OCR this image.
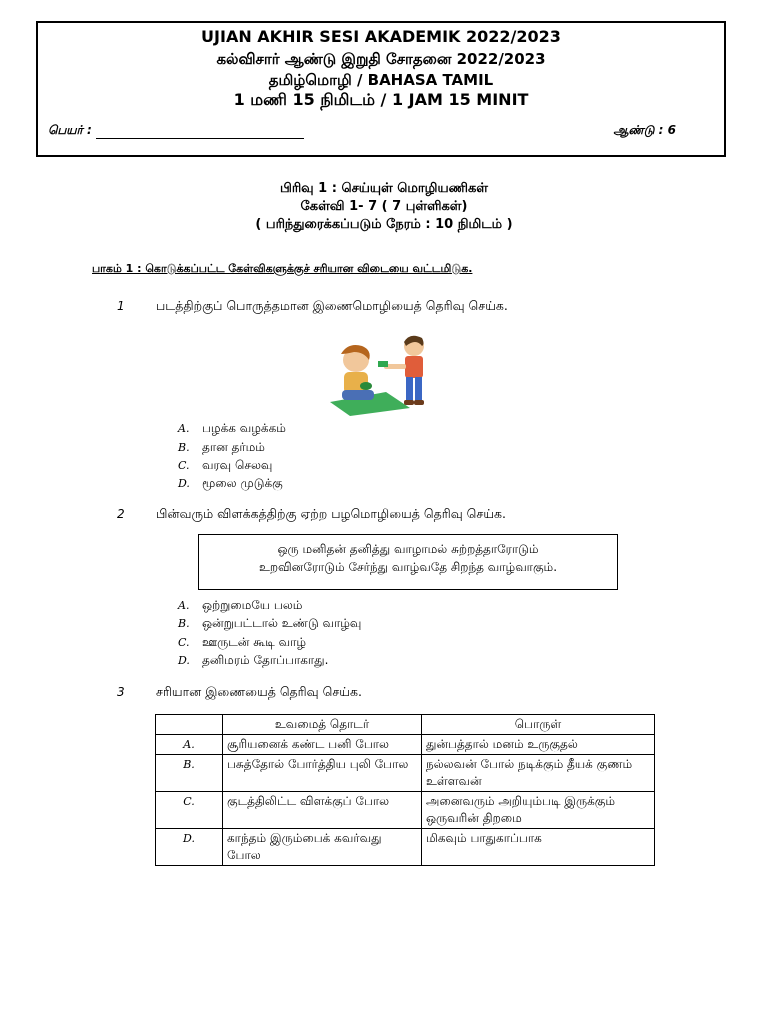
UJIAN AKHIR SESI AKADEMIK 2022/2023
கல்விசார் ஆண்டு இறுதி சோதனை 2022/2023
தமிழ்மொழி / BAHASA TAMIL
1 மணி 15 நிமிடம் / 1 JAM 15 MINIT
பெயர் :	ஆண்டு : 6
பிரிவு 1 : செய்யுள் மொழியணிகள்
கேள்வி 1- 7 ( 7 புள்ளிகள்)
( பரிந்துரைக்கப்படும் நேரம் : 10 நிமிடம் )
பாகம் 1 : கொடுக்கப்பட்ட கேள்விகளுக்குச் சரியான விடையை வட்டமிடுக.
1	படத்திற்குப் பொருத்தமான இணைமொழியைத் தெரிவு செய்க.
A. பழக்க வழக்கம்
B. தான தர்மம்
C. வரவு செலவு
D. மூலை முடுக்கு
2	பின்வரும் விளக்கத்திற்கு ஏற்ற பழமொழியைத் தெரிவு செய்க.
ஒரு மனிதன் தனித்து வாழாமல் சுற்றத்தாரோடும்
உறவினரோடும் சேர்ந்து வாழ்வதே சிறந்த வாழ்வாகும்.
A. ஒற்றுமையே பலம்
B. ஒன்றுபட்டால் உண்டு வாழ்வு
C. ஊருடன் கூடி வாழ்
D. தனிமரம் தோப்பாகாது.
3	சரியான இணையைத் தெரிவு செய்க.
	உவமைத் தொடர்	பொருள்
A.	சூரியனைக் கண்ட பனி போல	துன்பத்தால் மனம் உருகுதல்
B.	பசுத்தோல் போர்த்திய புலி போல	நல்லவன் போல் நடிக்கும் தீயக் குணம் உள்ளவன்
C.	குடத்திலிட்ட விளக்குப் போல	அனைவரும் அறியும்படி இருக்கும் ஒருவரின் திறமை
D.	காந்தம் இரும்பைக் கவர்வது போல	மிகவும் பாதுகாப்பாக
